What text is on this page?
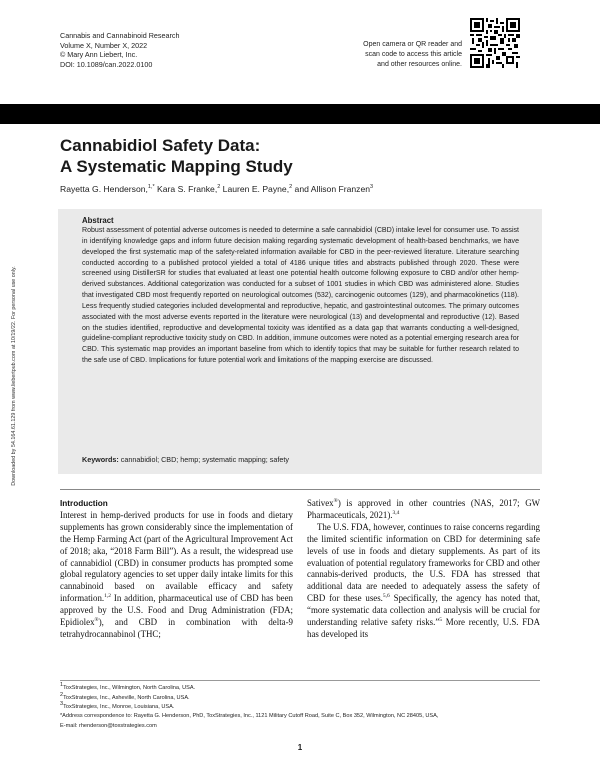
Cannabis and Cannabinoid Research
Volume X, Number X, 2022
© Mary Ann Liebert, Inc.
DOI: 10.1089/can.2022.0100
Open camera or QR reader and
scan code to access this article
and other resources online.
Cannabidiol Safety Data:
A Systematic Mapping Study
Rayetta G. Henderson,$^{1,*}$ Kara S. Franke,$^2$ Lauren E. Payne,$^2$ and Allison Franzen$^3$
Abstract
Robust assessment of potential adverse outcomes is needed to determine a safe cannabidiol (CBD) intake level for consumer use. To assist in identifying knowledge gaps and inform future decision making regarding systematic development of health-based benchmarks, we have developed the first systematic map of the safety-related information available for CBD in the peer-reviewed literature. Literature searching conducted according to a published protocol yielded a total of 4186 unique titles and abstracts published through 2020. These were screened using DistillerSR for studies that evaluated at least one potential health outcome following exposure to CBD and/or other hemp-derived substances. Additional categorization was conducted for a subset of 1001 studies in which CBD was administered alone. Studies that investigated CBD most frequently reported on neurological outcomes (532), carcinogenic outcomes (129), and pharmacokinetics (118). Less frequently studied categories included developmental and reproductive, hepatic, and gastrointestinal outcomes. The primary outcomes associated with the most adverse events reported in the literature were neurological (13) and developmental and reproductive (12). Based on the studies identified, reproductive and developmental toxicity was identified as a data gap that warrants conducting a well-designed, guideline-compliant reproductive toxicity study on CBD. In addition, immune outcomes were noted as a potential emerging research area for CBD. This systematic map provides an important baseline from which to identify topics that may be suitable for further research related to the safe use of CBD. Implications for future potential work and limitations of the mapping exercise are discussed.
Keywords: cannabidiol; CBD; hemp; systematic mapping; safety
Downloaded by 54.164.61.129 from www.liebertpub.com at 10/19/22. For personal use only.
Introduction

Interest in hemp-derived products for use in foods and dietary supplements has grown considerably since the implementation of the Hemp Farming Act (part of the Agricultural Improvement Act of 2018; aka, “2018 Farm Bill”). As a result, the widespread use of cannabidiol (CBD) in consumer products has prompted some global regulatory agencies to set upper daily intake limits for this cannabinoid based on available efficacy and safety information.$^{1,2}$ In addition, pharmaceutical use of CBD has been approved by the U.S. Food and Drug Administration (FDA; Epidiolex®), and CBD in combination with delta-9 tetrahydrocannabinol (THC;

Sativex®) is approved in other countries (NAS, 2017; GW Pharmaceuticals, 2021).$^{3,4}$

The U.S. FDA, however, continues to raise concerns regarding the limited scientific information on CBD for determining safe levels of use in foods and dietary supplements. As part of its evaluation of potential regulatory frameworks for CBD and other cannabis-derived products, the U.S. FDA has stressed that additional data are needed to adequately assess the safety of CBD for these uses.$^{5,6}$ Specifically, the agency has noted that, “more systematic data collection and analysis will be crucial for understanding relative safety risks.”$^5$ More recently, U.S. FDA has developed its

$^1$ToxStrategies, Inc., Wilmington, North Carolina, USA.
$^2$ToxStrategies, Inc., Asheville, North Carolina, USA.
$^3$ToxStrategies, Inc., Monroe, Louisiana, USA.
*Address correspondence to: Rayetta G. Henderson, PhD, ToxStrategies, Inc., 1121 Military Cutoff Road, Suite C, Box 352, Wilmington, NC 28405, USA,
E-mail: rhenderson@toxstrategies.com
1
